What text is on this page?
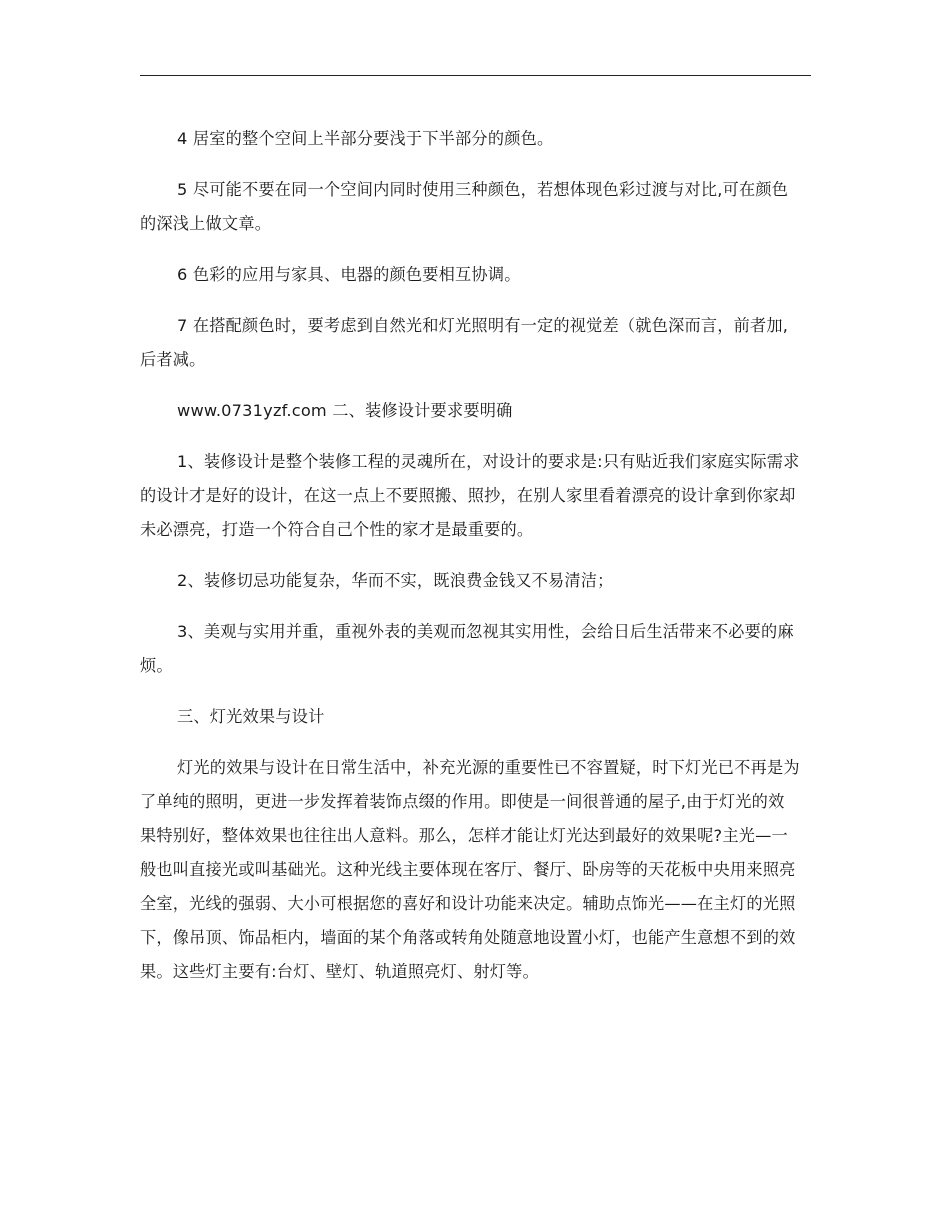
4 居室的整个空间上半部分要浅于下半部分的颜色。

5 尽可能不要在同一个空间内同时使用三种颜色，若想体现色彩过渡与对比,可在颜色的深浅上做文章。

6 色彩的应用与家具、电器的颜色要相互协调。

7 在搭配颜色时，要考虑到自然光和灯光照明有一定的视觉差（就色深而言，前者加,后者减。

www.0731yzf.com 二、装修设计要求要明确

1、装修设计是整个装修工程的灵魂所在，对设计的要求是:只有贴近我们家庭实际需求的设计才是好的设计，在这一点上不要照搬、照抄，在别人家里看着漂亮的设计拿到你家却未必漂亮，打造一个符合自己个性的家才是最重要的。

2、装修切忌功能复杂，华而不实，既浪费金钱又不易清洁；

3、美观与实用并重，重视外表的美观而忽视其实用性，会给日后生活带来不必要的麻烦。

三、灯光效果与设计

灯光的效果与设计在日常生活中，补充光源的重要性已不容置疑，时下灯光已不再是为了单纯的照明，更进一步发挥着装饰点缀的作用。即使是一间很普通的屋子,由于灯光的效果特别好，整体效果也往往出人意料。那么，怎样才能让灯光达到最好的效果呢?主光—一般也叫直接光或叫基础光。这种光线主要体现在客厅、餐厅、卧房等的天花板中央用来照亮全室，光线的强弱、大小可根据您的喜好和设计功能来决定。辅助点饰光——在主灯的光照下，像吊顶、饰品柜内，墙面的某个角落或转角处随意地设置小灯，也能产生意想不到的效果。这些灯主要有:台灯、壁灯、轨道照亮灯、射灯等。
